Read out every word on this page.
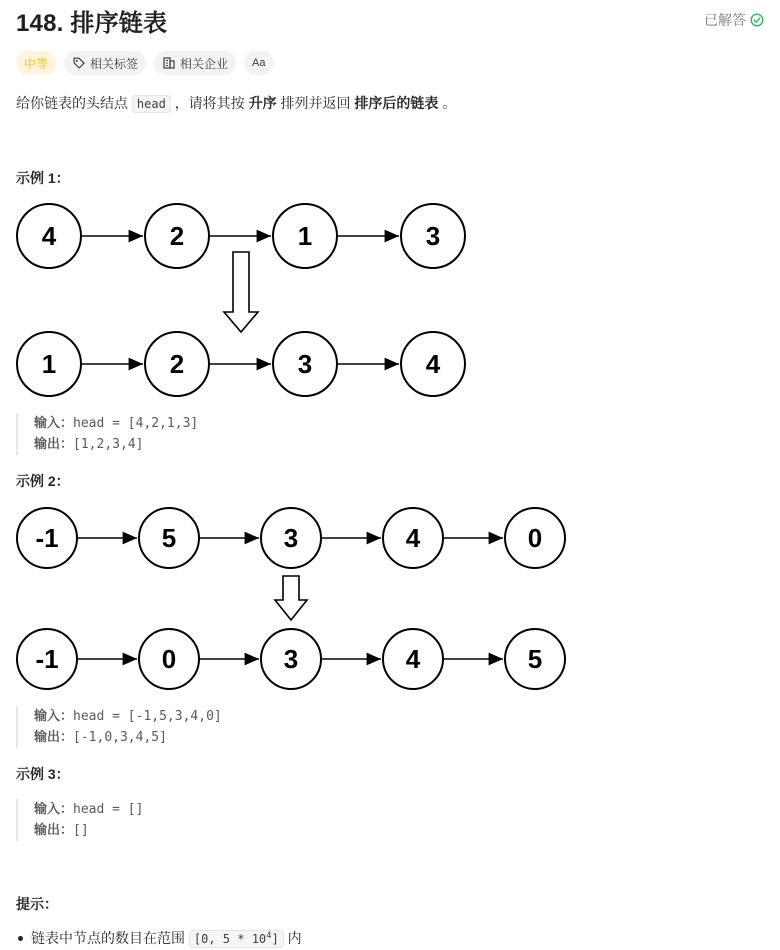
148. 排序链表	已解答
中等	相关标签	相关企业 Aa
给你链表的头结点 head ，请将其按 升序 排列并返回 排序后的链表 。
示例 1：
4	2	1	3
1	2	3	4
输入：head = [4,2,1,3]
输出：[1,2,3,4]
示例 2：
-1	5	3	4	0
-1	0	3	4	5
输入：head = [-1,5,3,4,0]
输出：[-1,0,3,4,5]
示例 3：
输入：head = []
输出：[]
提示：
链表中节点的数目在范围 [0, $5 * 10^4$] 内
